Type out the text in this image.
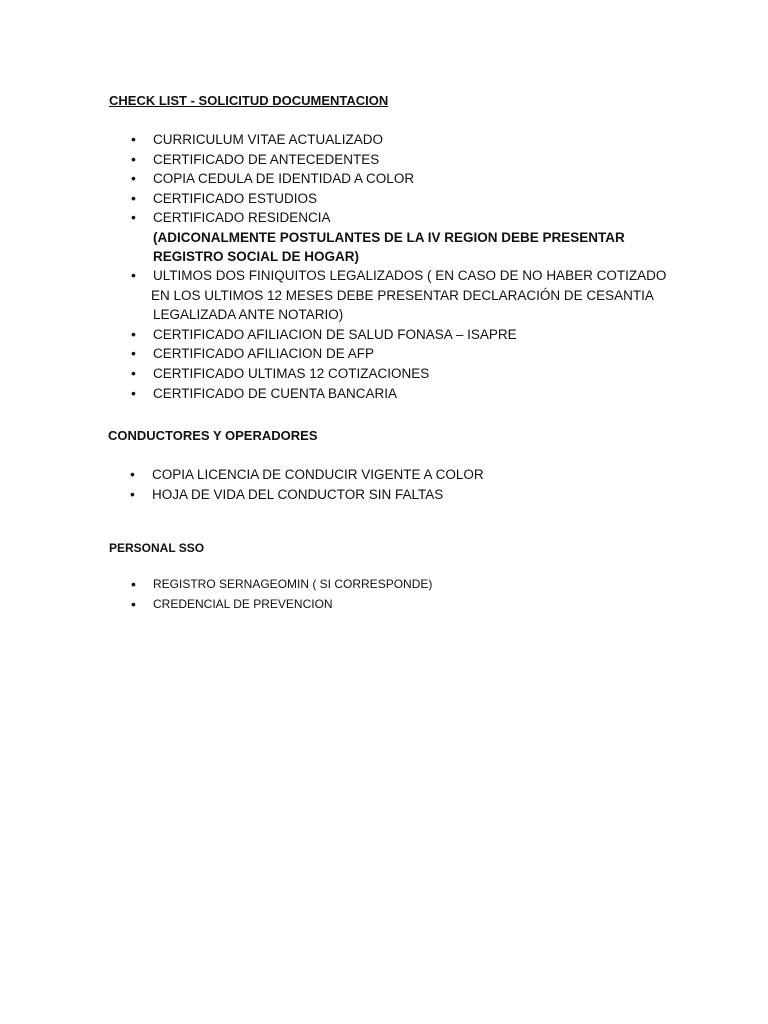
CHECK LIST - SOLICITUD DOCUMENTACION
• CURRICULUM VITAE ACTUALIZADO
• CERTIFICADO DE ANTECEDENTES
• COPIA CEDULA DE IDENTIDAD A COLOR
• CERTIFICADO ESTUDIOS
• CERTIFICADO RESIDENCIA
(ADICONALMENTE POSTULANTES DE LA IV REGION DEBE PRESENTAR
REGISTRO SOCIAL DE HOGAR)
• ULTIMOS DOS FINIQUITOS LEGALIZADOS ( EN CASO DE NO HABER COTIZADO
EN LOS ULTIMOS 12 MESES DEBE PRESENTAR DECLARACIÓN DE CESANTIA
LEGALIZADA ANTE NOTARIO)
• CERTIFICADO AFILIACION DE SALUD FONASA – ISAPRE
• CERTIFICADO AFILIACION DE AFP
• CERTIFICADO ULTIMAS 12 COTIZACIONES
• CERTIFICADO DE CUENTA BANCARIA
CONDUCTORES Y OPERADORES
• COPIA LICENCIA DE CONDUCIR VIGENTE A COLOR
• HOJA DE VIDA DEL CONDUCTOR SIN FALTAS
PERSONAL SSO
• REGISTRO SERNAGEOMIN ( SI CORRESPONDE)
• CREDENCIAL DE PREVENCION
